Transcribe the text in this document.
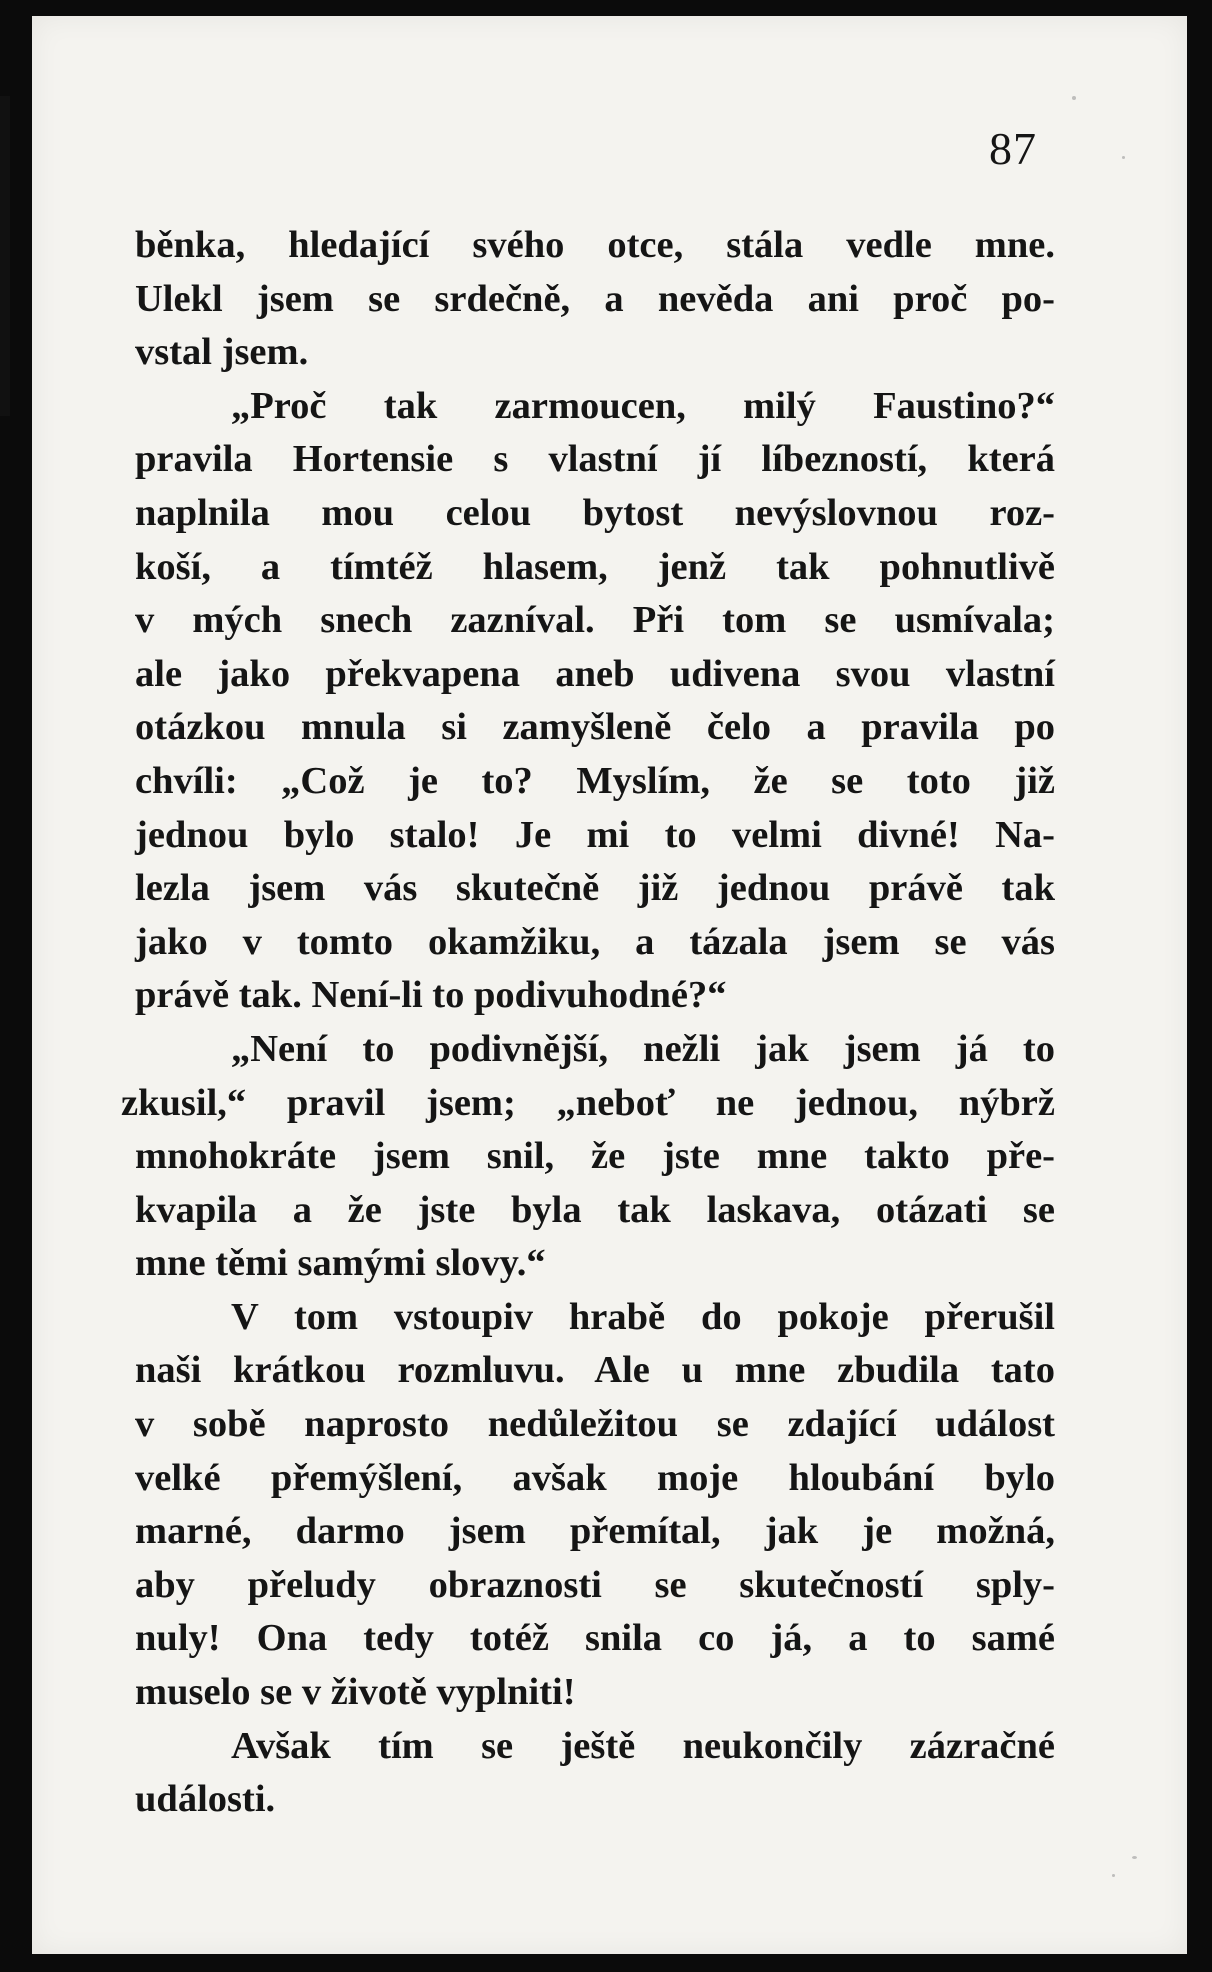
87
běnka, hledající svého otce, stála vedle mne.
Ulekl jsem se srdečně, a nevěda ani proč po-
vstal jsem.
„Proč tak zarmoucen, milý Faustino?“
pravila Hortensie s vlastní jí líbezností, která
naplnila mou celou bytost nevýslovnou roz-
koší, a tímtéž hlasem, jenž tak pohnutlivě
v mých snech zazníval. Při tom se usmívala;
ale jako překvapena aneb udivena svou vlastní
otázkou mnula si zamyšleně čelo a pravila po
chvíli: „Což je to? Myslím, že se toto již
jednou bylo stalo! Je mi to velmi divné! Na-
lezla jsem vás skutečně již jednou právě tak
jako v tomto okamžiku, a tázala jsem se vás
právě tak. Není-li to podivuhodné?“
„Není to podivnější, nežli jak jsem já to
zkusil,“ pravil jsem; „neboť ne jednou, nýbrž
mnohokráte jsem snil, že jste mne takto pře-
kvapila a že jste byla tak laskava, otázati se
mne těmi samými slovy.“
V tom vstoupiv hrabě do pokoje přerušil
naši krátkou rozmluvu. Ale u mne zbudila tato
v sobě naprosto nedůležitou se zdající událost
velké přemýšlení, avšak moje hloubání bylo
marné, darmo jsem přemítal, jak je možná,
aby přeludy obraznosti se skutečností sply-
nuly! Ona tedy totéž snila co já, a to samé
muselo se v životě vyplniti!
Avšak tím se ještě neukončily zázračné
události.
